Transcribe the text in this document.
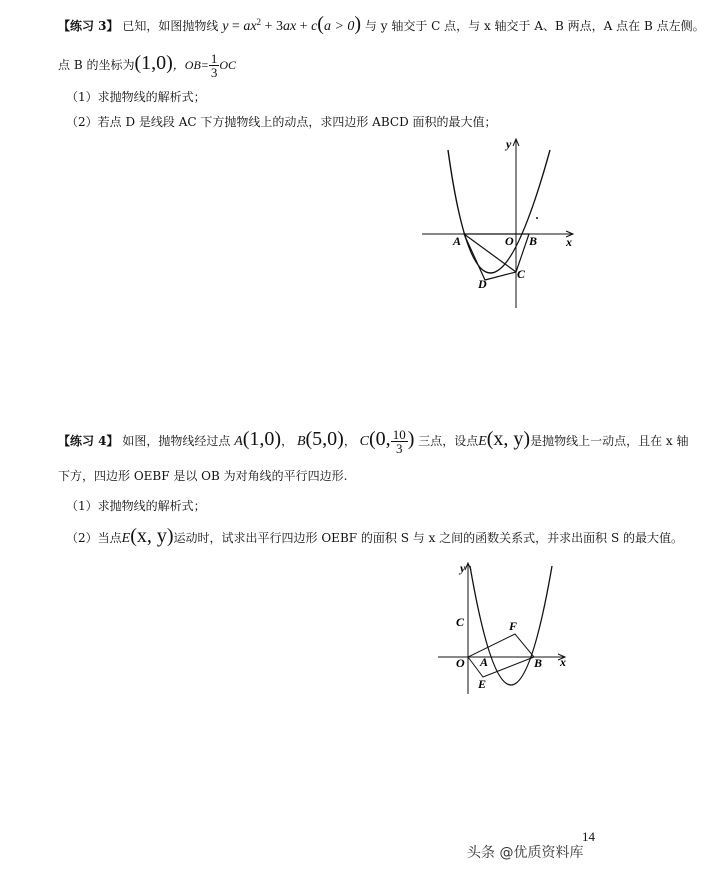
【练习 3】 已知，如图抛物线 $y = ax^2 + 3ax + c(a > 0)$ 与 y 轴交于 C 点，与 x 轴交于 A、B 两点，A 点在 B 点左侧。
点 B 的坐标为(1,0)，$OB= \frac{1}{3}$ OC
（1）求抛物线的解析式；
（2）若点 D 是线段 AC 下方抛物线上的动点，求四边形 ABCD 面积的最大值；
y
x
A	O B
C
D
【练习 4】 如图，抛物线经过点 A(1,0)， B(5,0)， C(0, $\frac{10}{3}$ ) 三点，设点E(x, y)是抛物线上一动点，且在 x 轴
下方，四边形 OEBF 是以 OB 为对角线的平行四边形.
（1）求抛物线的解析式；
（2）当点E(x, y)运动时，试求出平行四边形 OEBF 的面积 S 与 x 之间的函数关系式，并求出面积 S 的最大值。
y
x
C	F
O A	B
E
14
头条 @优质资料库
